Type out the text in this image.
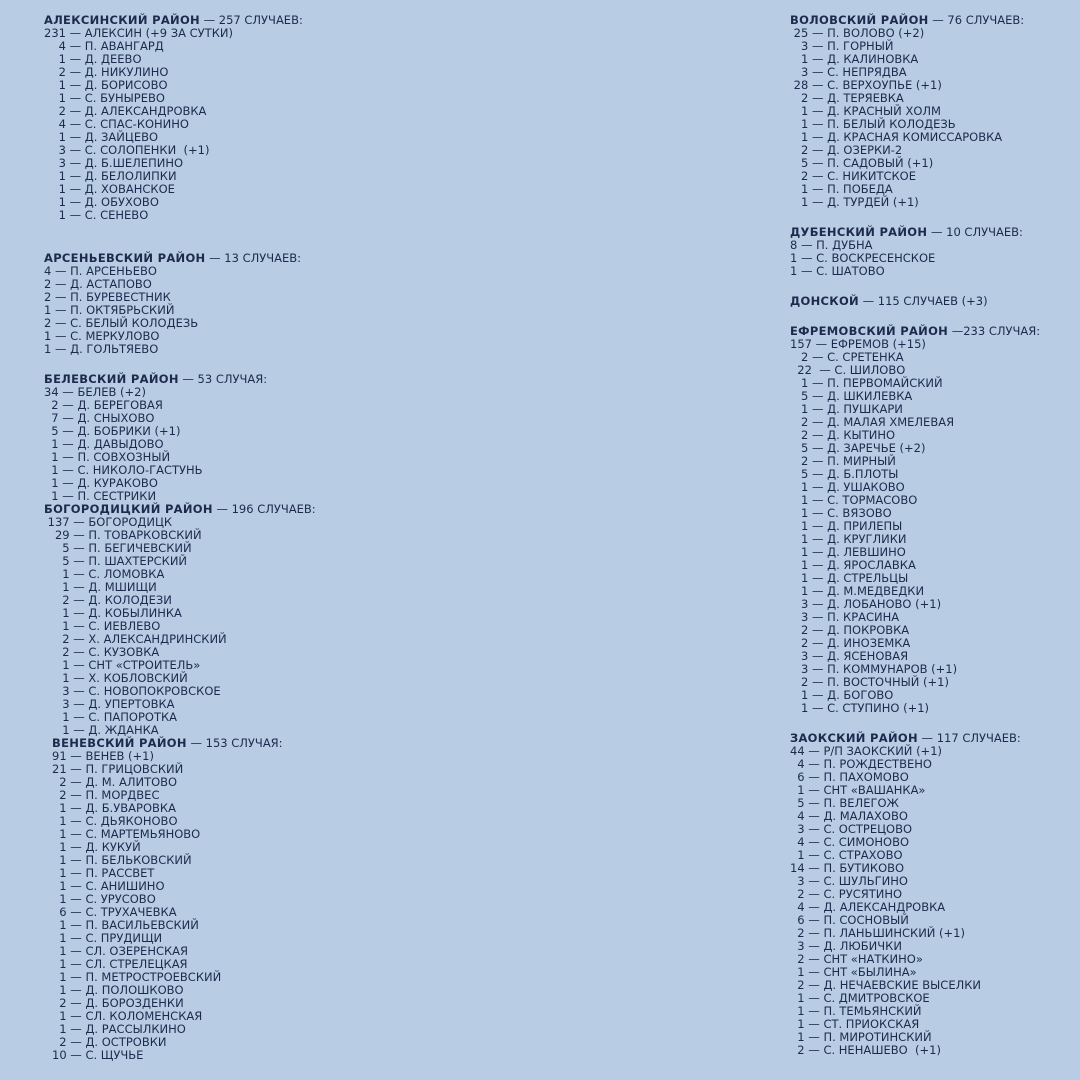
АЛЕКСИНСКИЙ РАЙОН — 257 СЛУЧАЕВ:
231 — АЛЕКСИН (+9 ЗА СУТКИ)
4 — П. АВАНГАРД
1 — Д. ДЕЕВО
2 — Д. НИКУЛИНО
1 — Д. БОРИСОВО
1 — С. БУНЫРЕВО
2 — Д. АЛЕКСАНДРОВКА
4 — С. СПАС-КОНИНО
1 — Д. ЗАЙЦЕВО
3 — С. СОЛОПЕНКИ  (+1)
3 — Д. Б.ШЕЛЕПИНО
1 — Д. БЕЛОЛИПКИ
1 — Д. ХОВАНСКОЕ
1 — Д. ОБУХОВО
1 — С. СЕНЕВО
АРСЕНЬЕВСКИЙ РАЙОН — 13 СЛУЧАЕВ:
4 — П. АРСЕНЬЕВО
2 — Д. АСТАПОВО
2 — П. БУРЕВЕСТНИК
1 — П. ОКТЯБРЬСКИЙ
2 — С. БЕЛЫЙ КОЛОДЕЗЬ
1 — С. МЕРКУЛОВО
1 — Д. ГОЛЬТЯЕВО
БЕЛЕВСКИЙ РАЙОН — 53 СЛУЧАЯ:
34 — БЕЛЕВ (+2)
2 — Д. БЕРЕГОВАЯ
7 — Д. СНЫХОВО
5 — Д. БОБРИКИ (+1)
1 — Д. ДАВЫДОВО
1 — П. СОВХОЗНЫЙ
1 — С. НИКОЛО-ГАСТУНЬ
1 — Д. КУРАКОВО
1 — П. СЕСТРИКИ
БОГОРОДИЦКИЙ РАЙОН — 196 СЛУЧАЕВ:
137 — БОГОРОДИЦК
29 — П. ТОВАРКОВСКИЙ
5 — П. БЕГИЧЕВСКИЙ
5 — П. ШАХТЕРСКИЙ
1 — С. ЛОМОВКА
1 — Д. МШИЩИ
2 — Д. КОЛОДЕЗИ
1 — Д. КОБЫЛИНКА
1 — С. ИЕВЛЕВО
2 — Х. АЛЕКСАНДРИНСКИЙ
2 — С. КУЗОВКА
1 — СНТ «СТРОИТЕЛЬ»
1 — Х. КОБЛОВСКИЙ
3 — С. НОВОПОКРОВСКОЕ
3 — Д. УПЕРТОВКА
1 — С. ПАПОРОТКА
1 — Д. ЖДАНКА
ВЕНЕВСКИЙ РАЙОН — 153 СЛУЧАЯ:
91 — ВЕНЕВ (+1)
21 — П. ГРИЦОВСКИЙ
2 — Д. М. АЛИТОВО
2 — П. МОРДВЕС
1 — Д. Б.УВАРОВКА
1 — С. ДЬЯКОНОВО
1 — С. МАРТЕМЬЯНОВО
1 — Д. КУКУЙ
1 — П. БЕЛЬКОВСКИЙ
1 — П. РАССВЕТ
1 — С. АНИШИНО
1 — С. УРУСОВО
6 — С. ТРУХАЧЕВКА
1 — П. ВАСИЛЬЕВСКИЙ
1 — С. ПРУДИЩИ
1 — СЛ. ОЗЕРЕНСКАЯ
1 — СЛ. СТРЕЛЕЦКАЯ
1 — П. МЕТРОСТРОЕВСКИЙ
1 — Д. ПОЛОШКОВО
2 — Д. БОРОЗДЕНКИ
1 — СЛ. КОЛОМЕНСКАЯ
1 — Д. РАССЫЛКИНО
2 — Д. ОСТРОВКИ
10 — С. ЩУЧЬЕ
ВОЛОВСКИЙ РАЙОН — 76 СЛУЧАЕВ:
25 — П. ВОЛОВО (+2)
3 — П. ГОРНЫЙ
1 — Д. КАЛИНОВКА
3 — С. НЕПРЯДВА
28 — С. ВЕРХОУПЬЕ (+1)
2 — Д. ТЕРЯЕВКА
1 — Д. КРАСНЫЙ ХОЛМ
1 — П. БЕЛЫЙ КОЛОДЕЗЬ
1 — Д. КРАСНАЯ КОМИССАРОВКА
2 — Д. ОЗЕРКИ-2
5 — П. САДОВЫЙ (+1)
2 — С. НИКИТСКОЕ
1 — П. ПОБЕДА
1 — Д. ТУРДЕЙ (+1)
ДУБЕНСКИЙ РАЙОН — 10 СЛУЧАЕВ:
8 — П. ДУБНА
1 — С. ВОСКРЕСЕНСКОЕ
1 — С. ШАТОВО
ДОНСКОЙ — 115 СЛУЧАЕВ (+3)
ЕФРЕМОВСКИЙ РАЙОН —233 СЛУЧАЯ:
157 — ЕФРЕМОВ (+15)
2 — С. СРЕТЕНКА
22  — С. ШИЛОВО
1 — П. ПЕРВОМАЙСКИЙ
5 — Д. ШКИЛЕВКА
1 — Д. ПУШКАРИ
2 — Д. МАЛАЯ ХМЕЛЕВАЯ
2 — Д. КЫТИНО
5 — Д. ЗАРЕЧЬЕ (+2)
2 — П. МИРНЫЙ
5 — Д. Б.ПЛОТЫ
1 — Д. УШАКОВО
1 — С. ТОРМАСОВО
1 — С. ВЯЗОВО
1 — Д. ПРИЛЕПЫ
1 — Д. КРУГЛИКИ
1 — Д. ЛЕВШИНО
1 — Д. ЯРОСЛАВКА
1 — Д. СТРЕЛЬЦЫ
1 — Д. М.МЕДВЕДКИ
3 — Д. ЛОБАНОВО (+1)
3 — П. КРАСИНА
2 — Д. ПОКРОВКА
2 — Д. ИНОЗЕМКА
3 — Д. ЯСЕНОВАЯ
3 — П. КОММУНАРОВ (+1)
2 — П. ВОСТОЧНЫЙ (+1)
1 — Д. БОГОВО
1 — С. СТУПИНО (+1)
ЗАОКСКИЙ РАЙОН — 117 СЛУЧАЕВ:
44 — Р/П ЗАОКСКИЙ (+1)
4 — П. РОЖДЕСТВЕНО
6 — П. ПАХОМОВО
1 — СНТ «ВАШАНКА»
5 — П. ВЕЛЕГОЖ
4 — Д. МАЛАХОВО
3 — С. ОСТРЕЦОВО
4 — С. СИМОНОВО
1 — С. СТРАХОВО
14 — П. БУТИКОВО
3 — С. ШУЛЬГИНО
2 — С. РУСЯТИНО
4 — Д. АЛЕКСАНДРОВКА
6 — П. СОСНОВЫЙ
2 — П. ЛАНЬШИНСКИЙ (+1)
3 — Д. ЛЮБИЧКИ
2 — СНТ «НАТКИНО»
1 — СНТ «БЫЛИНА»
2 — Д. НЕЧАЕВСКИЕ ВЫСЕЛКИ
1 — С. ДМИТРОВСКОЕ
1 — П. ТЕМЬЯНСКИЙ
1 — СТ. ПРИОКСКАЯ
1 — П. МИРОТИНСКИЙ
2 — С. НЕНАШЕВО  (+1)
